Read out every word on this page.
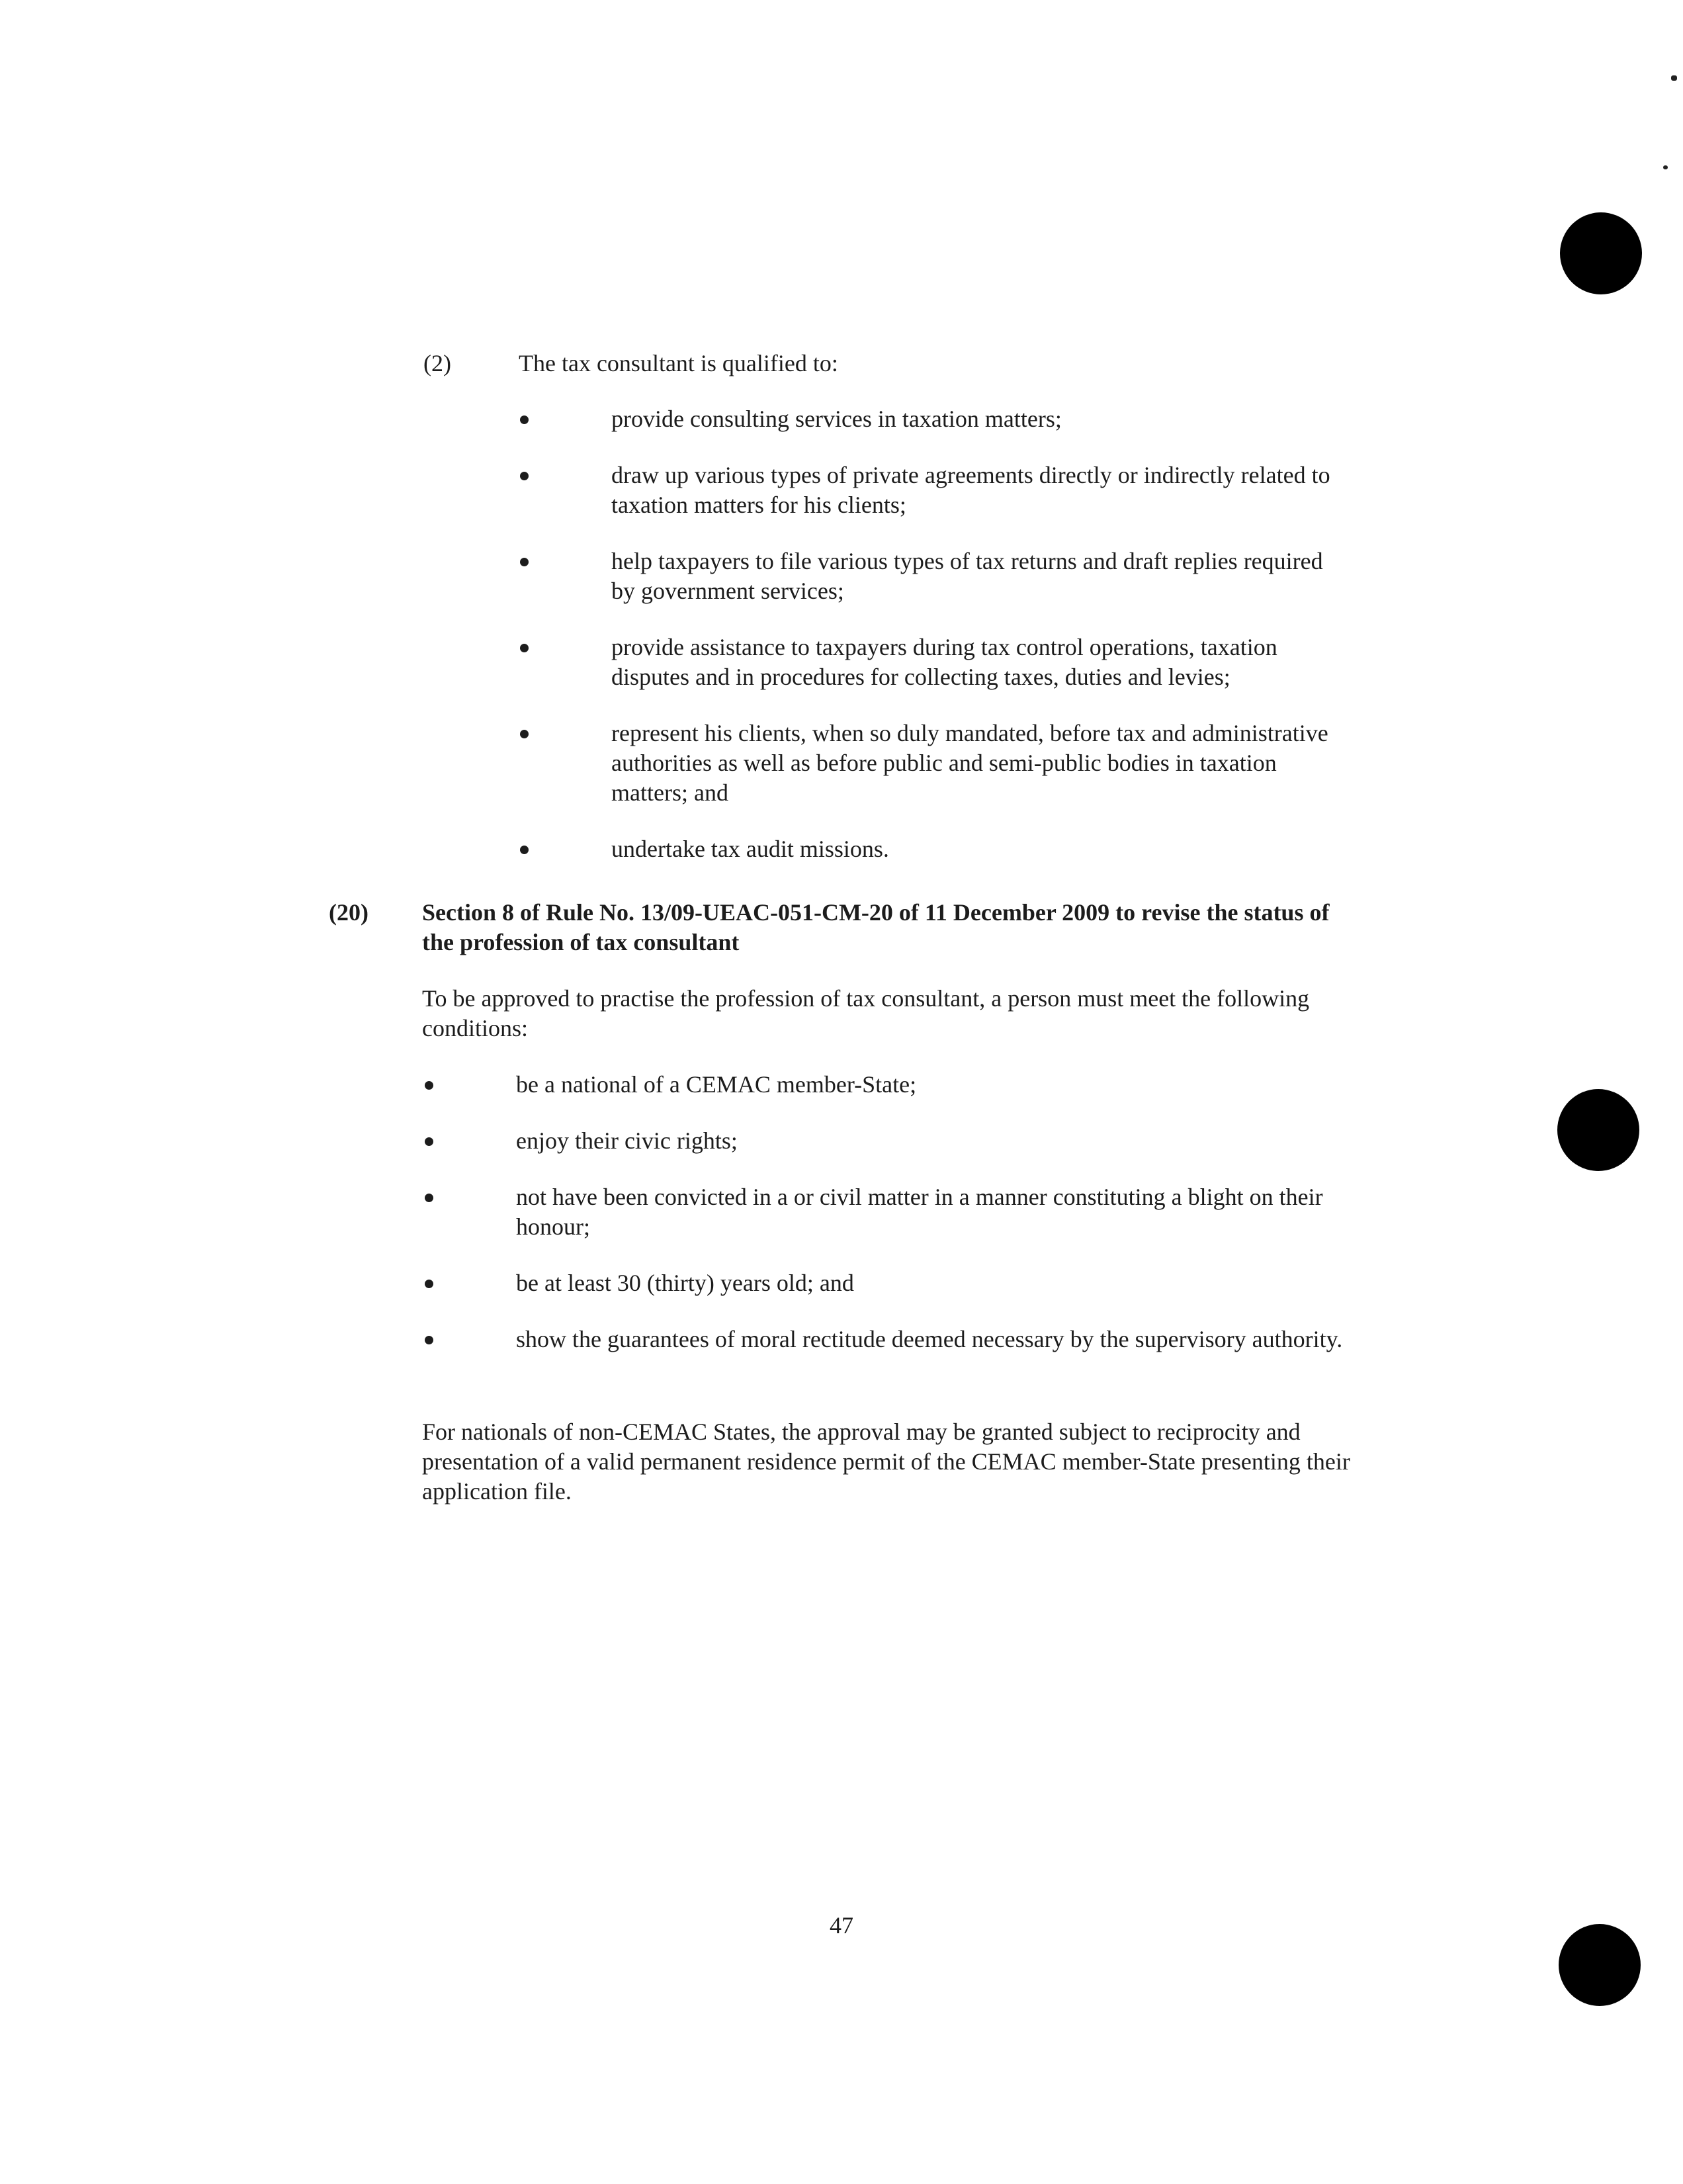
(2)	The tax consultant is qualified to:

provide consulting services in taxation matters;
draw up various types of private agreements directly or indirectly related to taxation matters for his clients;
help taxpayers to file various types of tax returns and draft replies required by government services;
provide assistance to taxpayers during tax control operations, taxation disputes and in procedures for collecting taxes, duties and levies;
represent his clients, when so duly mandated, before tax and administrative authorities as well as before public and semi-public bodies in taxation matters; and
undertake tax audit missions.

(20) Section 8 of Rule No. 13/09-UEAC-051-CM-20 of 11 December 2009 to revise the status of the profession of tax consultant

To be approved to practise the profession of tax consultant, a person must meet the following conditions:

be a national of a CEMAC member-State;
enjoy their civic rights;
not have been convicted in a or civil matter in a manner constituting a blight on their honour;
be at least 30 (thirty) years old; and
show the guarantees of moral rectitude deemed necessary by the supervisory authority.

For nationals of non-CEMAC States, the approval may be granted subject to reciprocity and presentation of a valid permanent residence permit of the CEMAC member-State presenting their application file.

47
